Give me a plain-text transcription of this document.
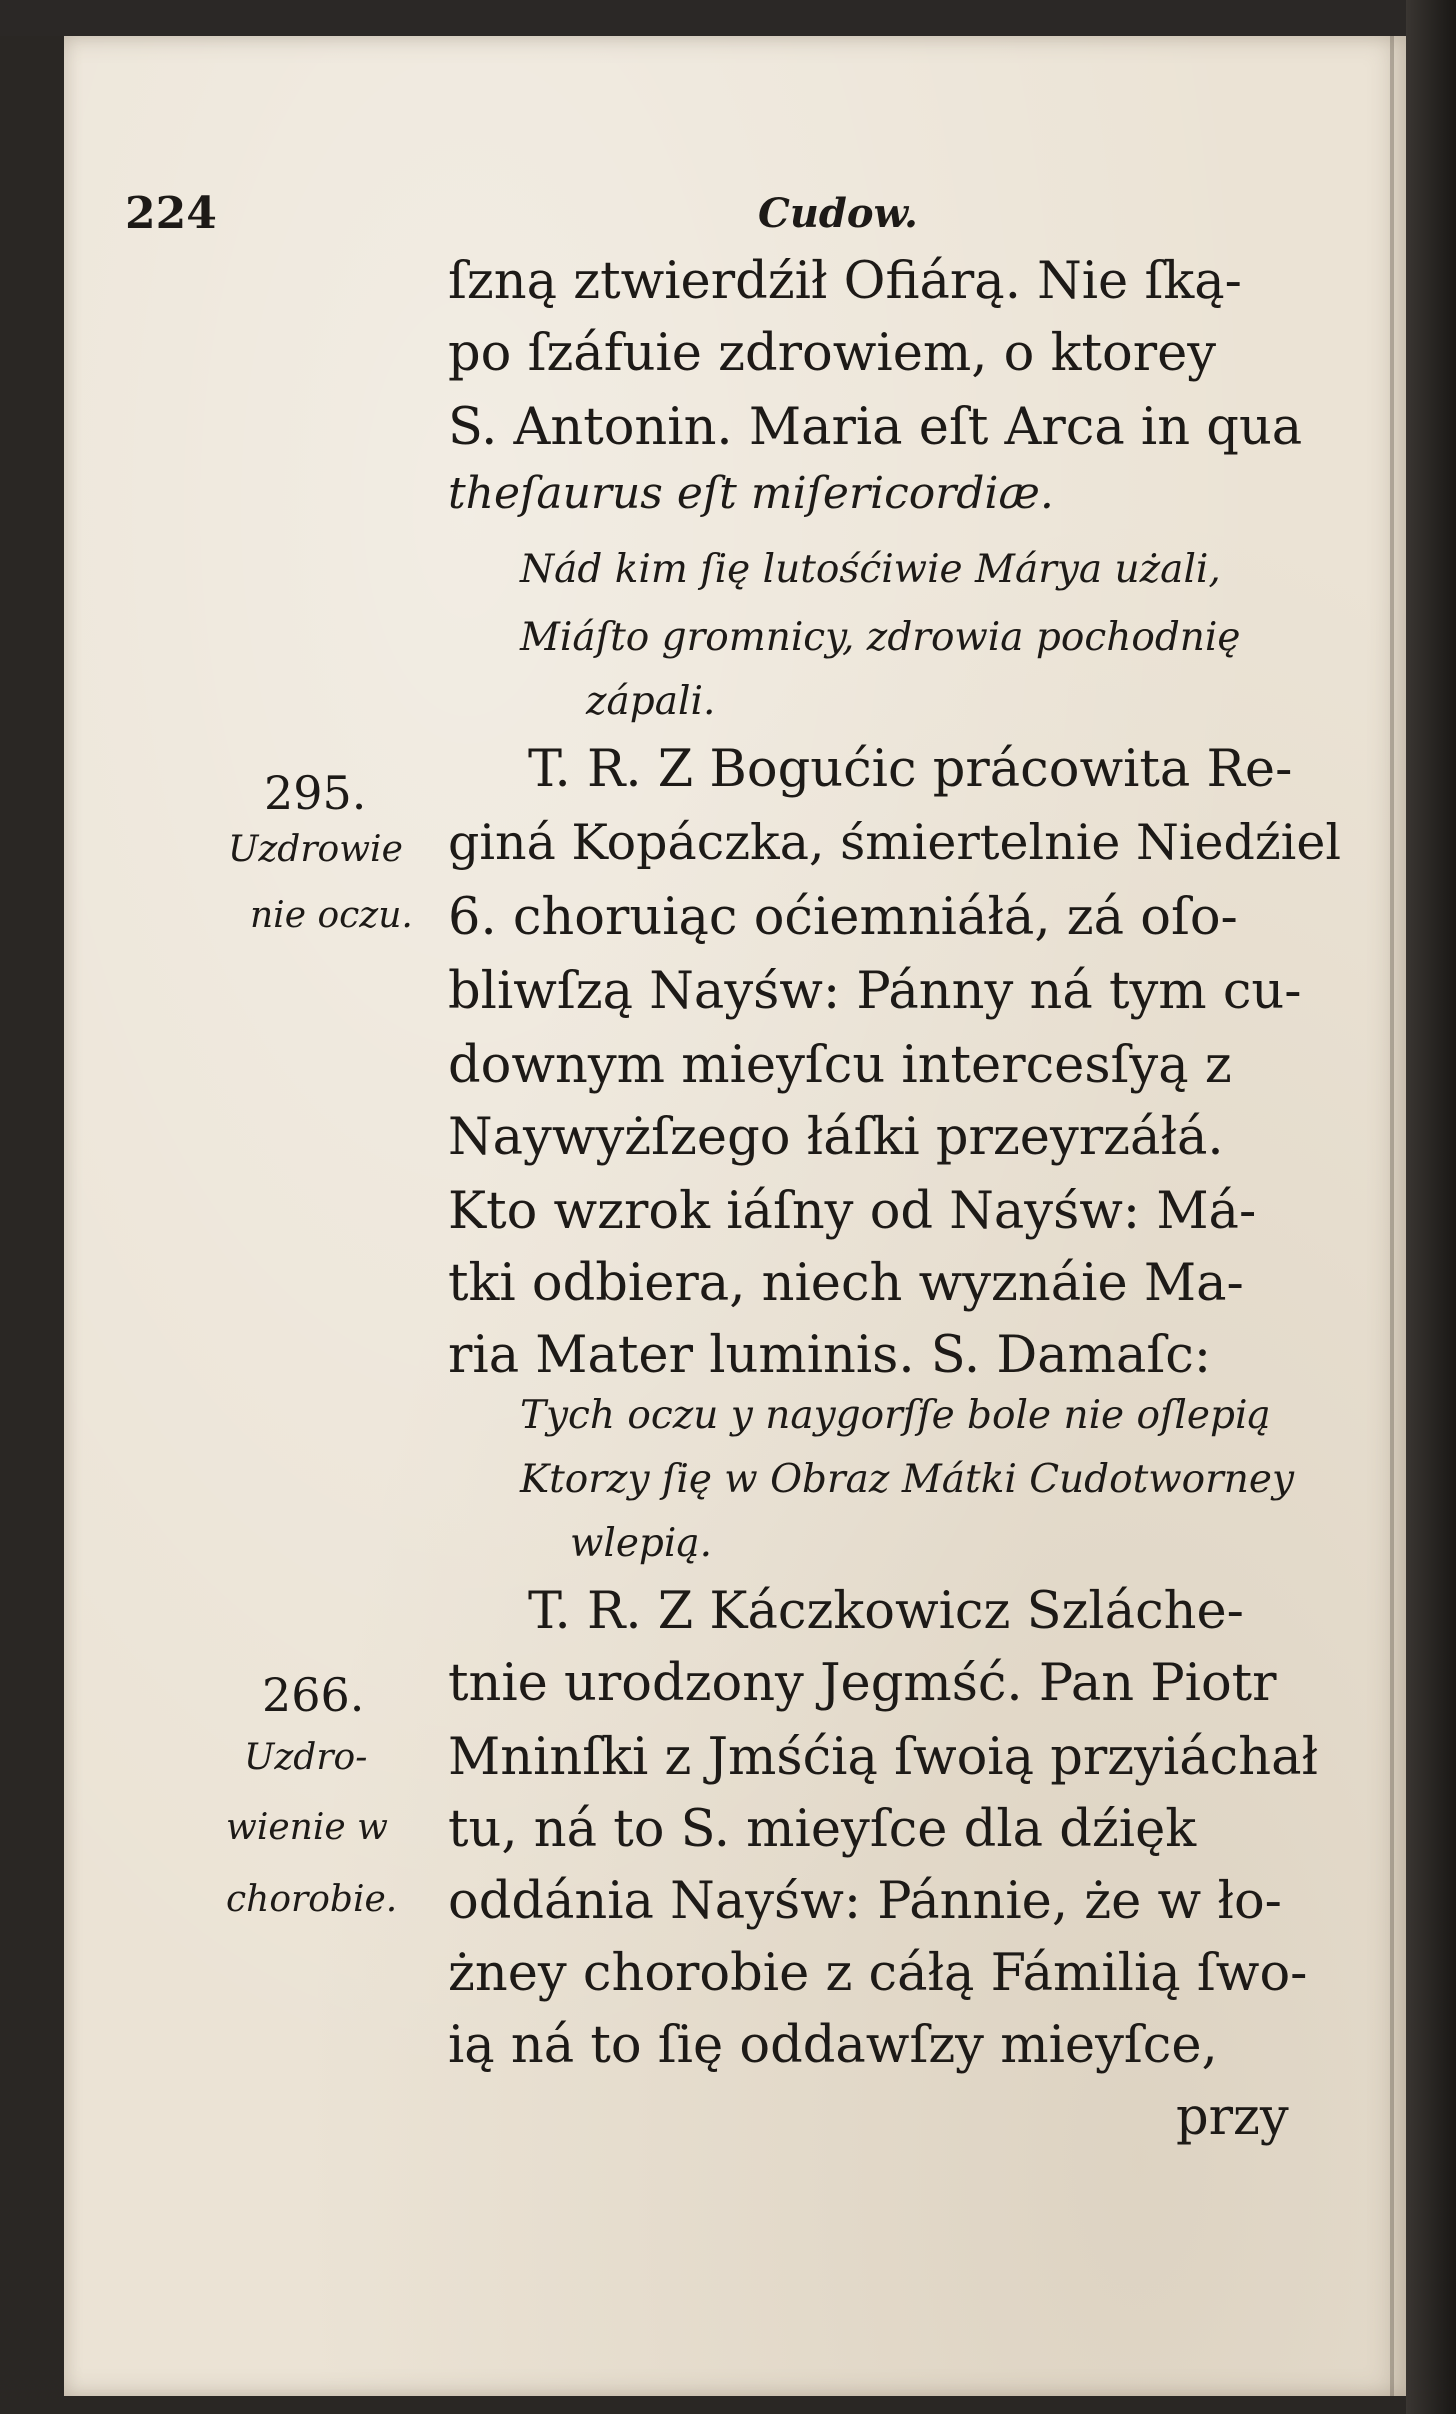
224	Cudow.
ſzną ztwierdźił Ofiárą. Nie ſką-
po ſzáfuie zdrowiem, o ktorey
S. Antonin. Maria eſt Arca in qua
theſaurus eſt miſericordiæ.
Nád kim ſię lutośćiwie Márya użali,
Miáſto gromnicy, zdrowia pochodnię
zápali.
295.
Uzdrowie
nie oczu.
T. R. Z Bogućic prácowita Re-
giná Kopáczka, śmiertelnie Niedźiel
6. choruiąc oćiemniáłá, zá oſo-
bliwſzą Nayśw: Pánny ná tym cu-
downym mieyſcu intercesſyą z
Naywyżſzego łáſki przeyrzáłá.
Kto wzrok iáſny od Nayśw: Má-
tki odbiera, niech wyznáie Ma-
ria Mater luminis. S. Damaſc:
Tych oczu y naygorſſe bole nie oſlepią
Ktorzy ſię w Obraz Mátki Cudotworney
wlepią.
266.
Uzdro-
wienie w
chorobie.
T. R. Z Káczkowicz Szláche-
tnie urodzony Jegmść. Pan Piotr
Mninſki z Jmśćią ſwoią przyiáchał
tu, ná to S. mieyſce dla dźięk
oddánia Nayśw: Pánnie, że w ło-
żney chorobie z cáłą Fámilią ſwo-
ią ná to ſię oddawſzy mieyſce,
przy
